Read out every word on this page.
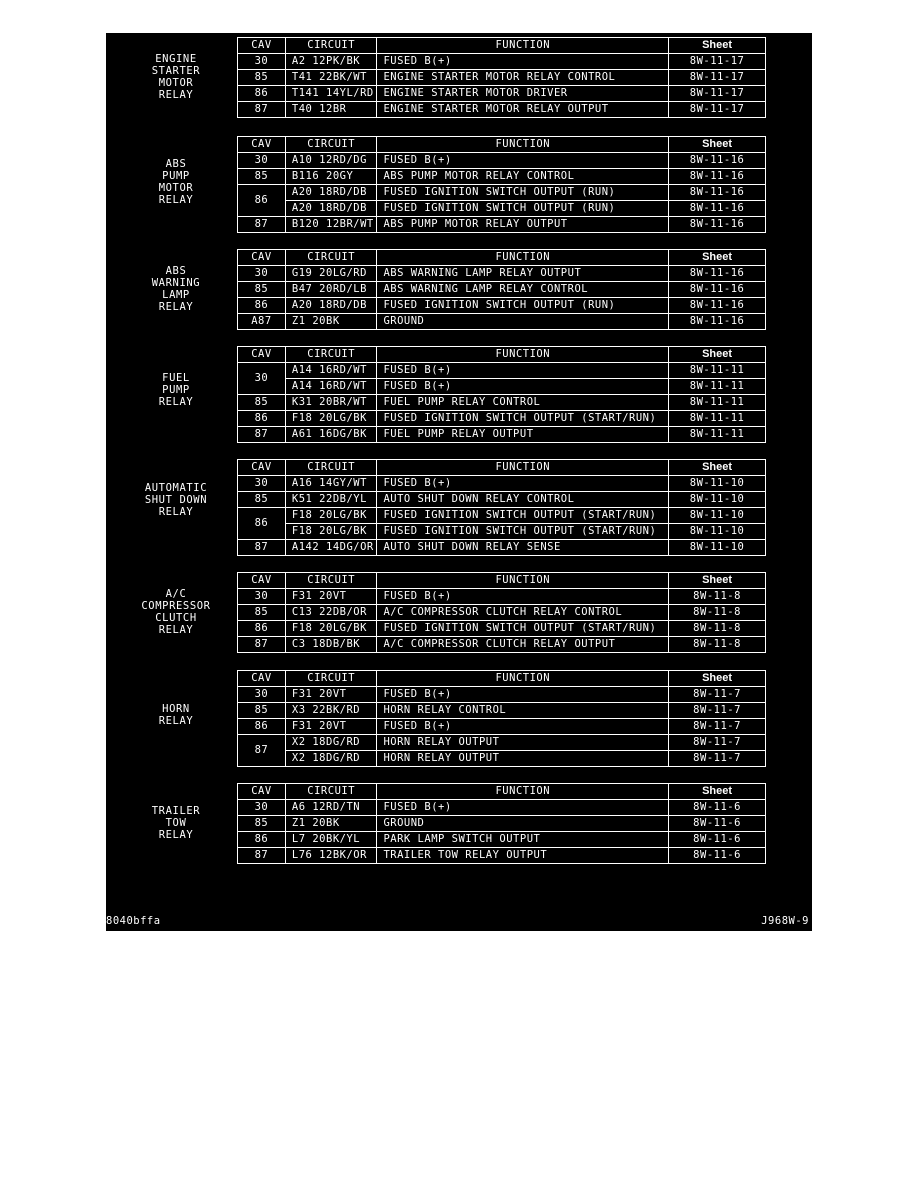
ENGINE
STARTER
MOTOR
RELAY
CAV	CIRCUIT	FUNCTION	Sheet
30	A2 12PK/BK	FUSED B(+)	8W-11-17
85	T41 22BK/WT	ENGINE STARTER MOTOR RELAY CONTROL	8W-11-17
86	T141 14YL/RD	ENGINE STARTER MOTOR DRIVER	8W-11-17
87	T40 12BR	ENGINE STARTER MOTOR RELAY OUTPUT	8W-11-17
ABS
PUMP
MOTOR
RELAY
CAV	CIRCUIT	FUNCTION	Sheet
30	A10 12RD/DG	FUSED B(+)	8W-11-16
85	B116 20GY	ABS PUMP MOTOR RELAY CONTROL	8W-11-16
86	A20 18RD/DB	FUSED IGNITION SWITCH OUTPUT (RUN)	8W-11-16
	A20 18RD/DB	FUSED IGNITION SWITCH OUTPUT (RUN)	8W-11-16
87	B120 12BR/WT	ABS PUMP MOTOR RELAY OUTPUT	8W-11-16
ABS
WARNING
LAMP
RELAY
CAV	CIRCUIT	FUNCTION	Sheet
30	G19 20LG/RD	ABS WARNING LAMP RELAY OUTPUT	8W-11-16
85	B47 20RD/LB	ABS WARNING LAMP RELAY CONTROL	8W-11-16
86	A20 18RD/DB	FUSED IGNITION SWITCH OUTPUT (RUN)	8W-11-16
A87	Z1 20BK	GROUND	8W-11-16
FUEL
PUMP
RELAY
CAV	CIRCUIT	FUNCTION	Sheet
30	A14 16RD/WT	FUSED B(+)	8W-11-11
	A14 16RD/WT	FUSED B(+)	8W-11-11
85	K31 20BR/WT	FUEL PUMP RELAY CONTROL	8W-11-11
86	F18 20LG/BK	FUSED IGNITION SWITCH OUTPUT (START/RUN)	8W-11-11
87	A61 16DG/BK	FUEL PUMP RELAY OUTPUT	8W-11-11
AUTOMATIC
SHUT DOWN
RELAY
CAV	CIRCUIT	FUNCTION	Sheet
30	A16 14GY/WT	FUSED B(+)	8W-11-10
85	K51 22DB/YL	AUTO SHUT DOWN RELAY CONTROL	8W-11-10
86	F18 20LG/BK	FUSED IGNITION SWITCH OUTPUT (START/RUN)	8W-11-10
	F18 20LG/BK	FUSED IGNITION SWITCH OUTPUT (START/RUN)	8W-11-10
87	A142 14DG/OR	AUTO SHUT DOWN RELAY SENSE	8W-11-10
A/C
COMPRESSOR
CLUTCH
RELAY
CAV	CIRCUIT	FUNCTION	Sheet
30	F31 20VT	FUSED B(+)	8W-11-8
85	C13 22DB/OR	A/C COMPRESSOR CLUTCH RELAY CONTROL	8W-11-8
86	F18 20LG/BK	FUSED IGNITION SWITCH OUTPUT (START/RUN)	8W-11-8
87	C3 18DB/BK	A/C COMPRESSOR CLUTCH RELAY OUTPUT	8W-11-8
HORN
RELAY
CAV	CIRCUIT	FUNCTION	Sheet
30	F31 20VT	FUSED B(+)	8W-11-7
85	X3 22BK/RD	HORN RELAY CONTROL	8W-11-7
86	F31 20VT	FUSED B(+)	8W-11-7
87	X2 18DG/RD	HORN RELAY OUTPUT	8W-11-7
	X2 18DG/RD	HORN RELAY OUTPUT	8W-11-7
TRAILER
TOW
RELAY
CAV	CIRCUIT	FUNCTION	Sheet
30	A6 12RD/TN	FUSED B(+)	8W-11-6
85	Z1 20BK	GROUND	8W-11-6
86	L7 20BK/YL	PARK LAMP SWITCH OUTPUT	8W-11-6
87	L76 12BK/OR	TRAILER TOW RELAY OUTPUT	8W-11-6
8040bffa	J968W-9
